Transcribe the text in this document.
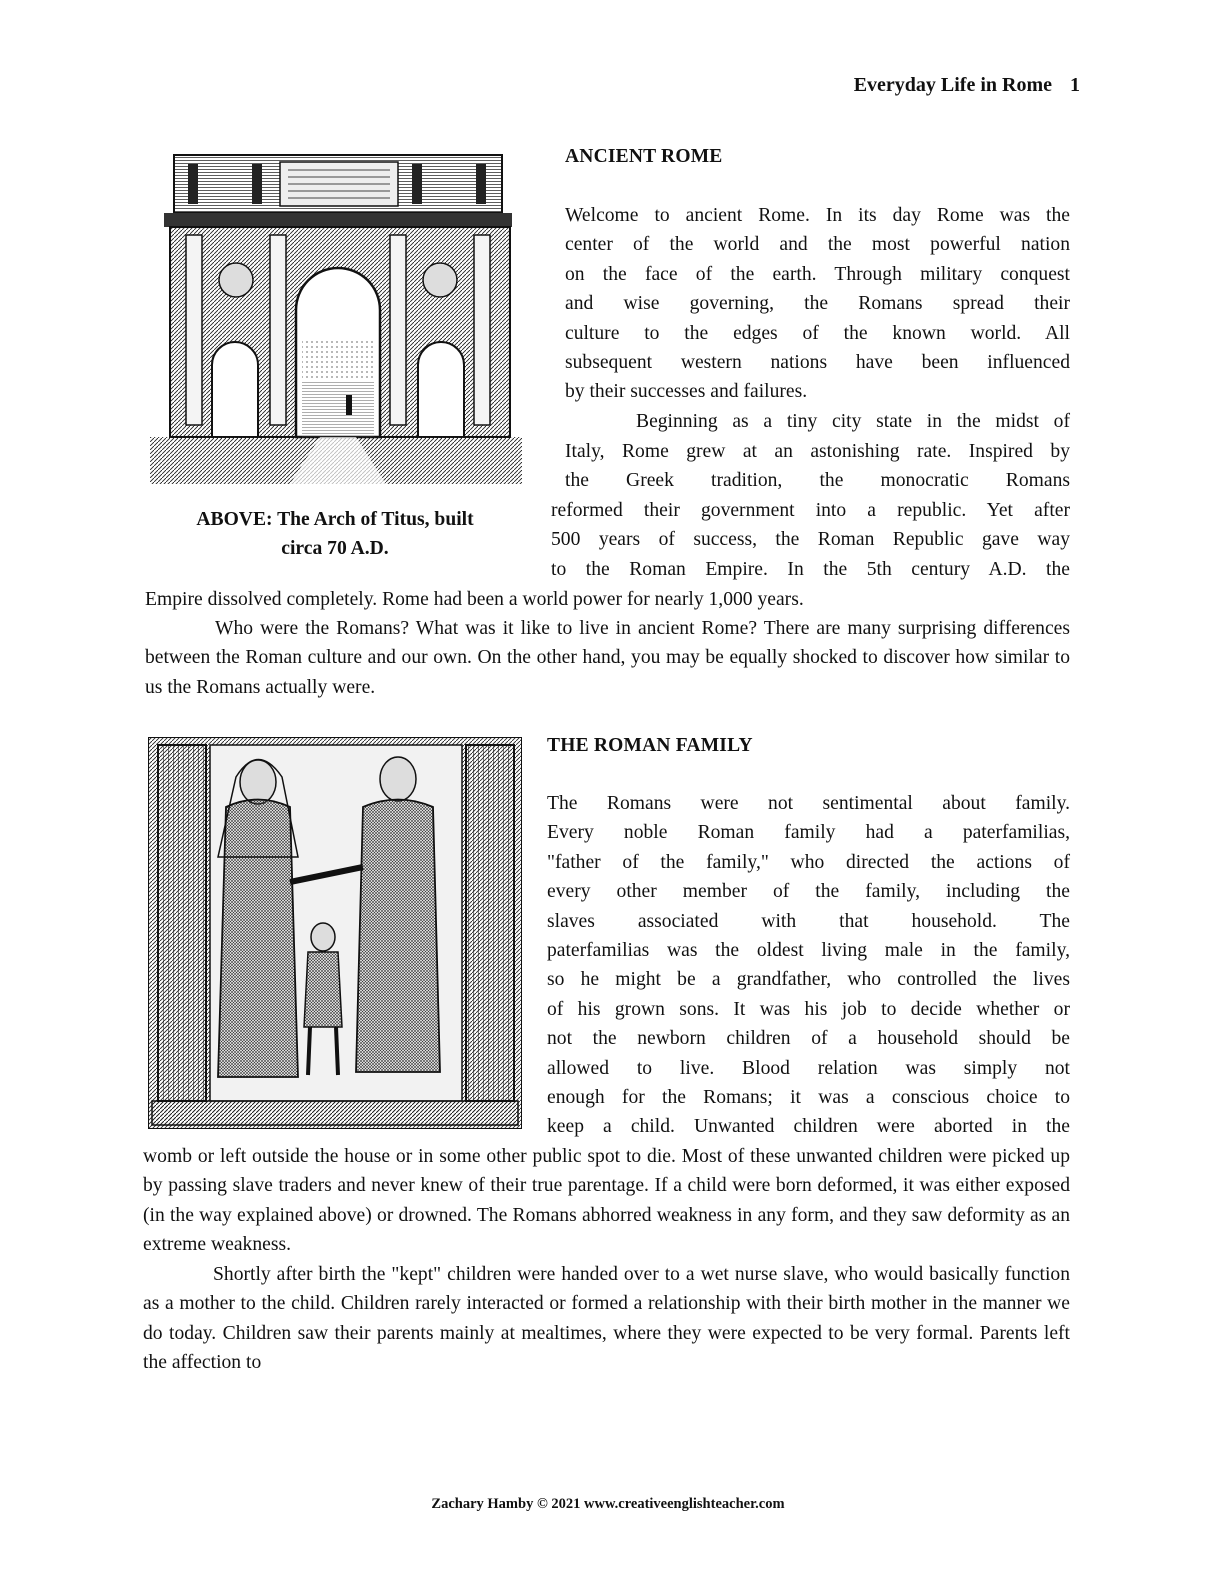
Everyday Life in Rome 1
ABOVE: The Arch of Titus, built
circa 70 A.D.
ANCIENT ROME
Welcome to ancient Rome. In its day Rome was the
center of the world and the most powerful nation
on the face of the earth. Through military conquest
and wise governing, the Romans spread their
culture to the edges of the known world. All
subsequent western nations have been influenced
by their successes and failures.
Beginning as a tiny city state in the midst of
Italy, Rome grew at an astonishing rate. Inspired by
the Greek tradition, the monocratic Romans
reformed their government into a republic. Yet after
500 years of success, the Roman Republic gave way
to the Roman Empire. In the 5th century A.D. the
Empire dissolved completely. Rome had been a world power for nearly 1,000 years.

Who were the Romans? What was it like to live in ancient Rome? There are many surprising differences between the Roman culture and our own. On the other hand, you may be equally shocked to discover how similar to us the Romans actually were.

THE ROMAN FAMILY
The Romans were not sentimental about family.
Every noble Roman family had a paterfamilias,
"father of the family," who directed the actions of
every other member of the family, including the
slaves associated with that household. The
paterfamilias was the oldest living male in the family,
so he might be a grandfather, who controlled the lives
of his grown sons. It was his job to decide whether or
not the newborn children of a household should be
allowed to live. Blood relation was simply not
enough for the Romans; it was a conscious choice to
keep a child. Unwanted children were aborted in the

womb or left outside the house or in some other public spot to die. Most of these unwanted children were picked up by passing slave traders and never knew of their true parentage. If a child were born deformed, it was either exposed (in the way explained above) or drowned. The Romans abhorred weakness in any form, and they saw deformity as an extreme weakness.

Shortly after birth the "kept" children were handed over to a wet nurse slave, who would basically function as a mother to the child. Children rarely interacted or formed a relationship with their birth mother in the manner we do today. Children saw their parents mainly at mealtimes, where they were expected to be very formal. Parents left the affection to

Zachary Hamby © 2021 www.creativeenglishteacher.com
